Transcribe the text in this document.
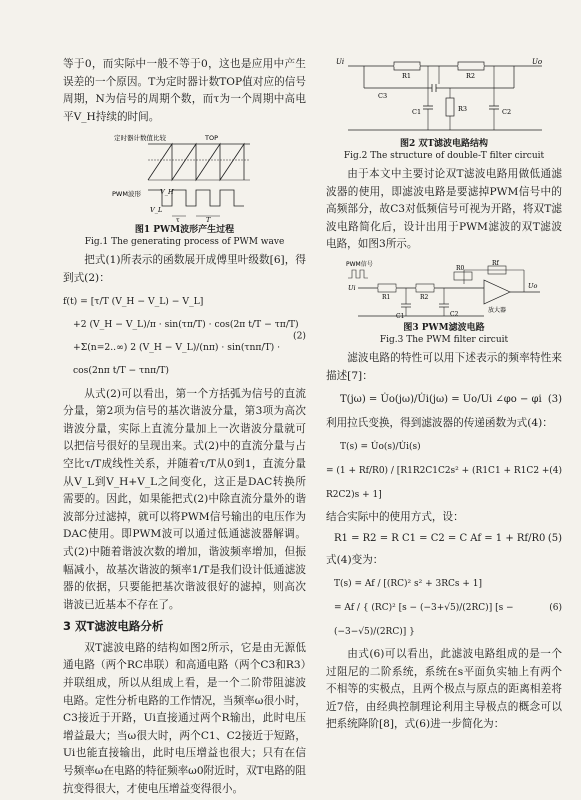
等于0，而实际中一般不等于0，这也是应用中产生误差的一个原因。T为定时器计数TOP值对应的信号周期，N为信号的周期个数，而τ为一个周期中高电平V_H持续的时间。

定时器计数值比较	TOP
PWM波形	V_H
V_L
τ	T

图1 PWM波形产生过程

Fig.1 The generating process of PWM wave

把式(1)所表示的函数展开成傅里叶级数[6]，得到式(2)：

f(t) = [τ/T (V_H − V_L) − V_L]
+2 (V_H − V_L)/π · sin(τπ/T) · cos(2π t/T − τπ/T)
+Σ(n=2..∞) 2 (V_H − V_L)/(nπ) · sin(τnπ/T) · cos(2nπ t/T − τnπ/T)
(2)

从式(2)可以看出，第一个方括弧为信号的直流分量，第2项为信号的基次谐波分量，第3项为高次谐波分量，实际上直流分量加上一次谐波分量就可以把信号很好的呈现出来。式(2)中的直流分量与占空比τ/T成线性关系，并随着τ/T从0到1，直流分量从V_L到V_H+V_L之间变化，这正是DAC转换所需要的。因此，如果能把式(2)中除直流分量外的谐波部分过滤掉，就可以将PWM信号输出的电压作为DAC使用。即PWM波可以通过低通滤波器解调。式(2)中随着谐波次数的增加，谐波频率增加，但振幅减小，故基次谐波的频率1/T是我们设计低通滤波器的依据，只要能把基次谐波很好的滤掉，则高次谐波已近基本不存在了。

3 双T滤波电路分析

双T滤波电路的结构如图2所示，它是由无源低通电路（两个RC串联）和高通电路（两个C3和R3）并联组成，所以从组成上看，是一个二阶带阻滤波电路。定性分析电路的工作情况，当频率ω很小时，C3接近于开路，Ui直接通过两个R输出，此时电压增益最大；当ω很大时，两个C1、C2接近于短路，Ui也能直接输出，此时电压增益也很大；只有在信号频率ω在电路的特征频率ω0附近时，双T电路的阻抗变得很大，才使电压增益变得很小。

Ui	Uo
R1	R2
C3
R3
C1	C2

图2 双T滤波电路结构

Fig.2 The structure of double-T filter circuit

由于本文中主要讨论双T滤波电路用做低通滤波器的使用，即滤波电路是要滤掉PWM信号中的高频部分，故C3对低频信号可视为开路，将双T滤波电路简化后，设计出用于PWM滤波的双T滤波电路，如图3所示。

PWM信号
Ui
R1	R2
C1	C2
放大器
Uo
Rf
R0

图3 PWM滤波电路

Fig.3 The PWM filter circuit

滤波电路的特性可以用下述表示的频率特性来描述[7]：

T(jω) = U̇o(jω)/U̇i(jω) = Uo/Ui ∠φo − φi (3)

利用拉氏变换，得到滤波器的传递函数为式(4)：

T(s) = U̇o(s)/U̇i(s)
= (1 + Rf/R0) / [R1R2C1C2s² + (R1C1 + R1C2 + R2C2)s + 1]
(4)

结合实际中的使用方式，设：

R1 = R2 = R C1 = C2 = C Af = 1 + Rf/R0 (5)

式(4)变为：

T(s) = Af / [(RC)² s² + 3RCs + 1]
= Af / { (RC)² [s − (−3+√5)/(2RC)] [s − (−3−√5)/(2RC)] }
(6)

由式(6)可以看出，此滤波电路组成的是一个过阻尼的二阶系统，系统在s平面负实轴上有两个不相等的实极点，且两个极点与原点的距离相差将近7倍，由经典控制理论利用主导极点的概念可以把系统降阶[8]，式(6)进一步简化为：
